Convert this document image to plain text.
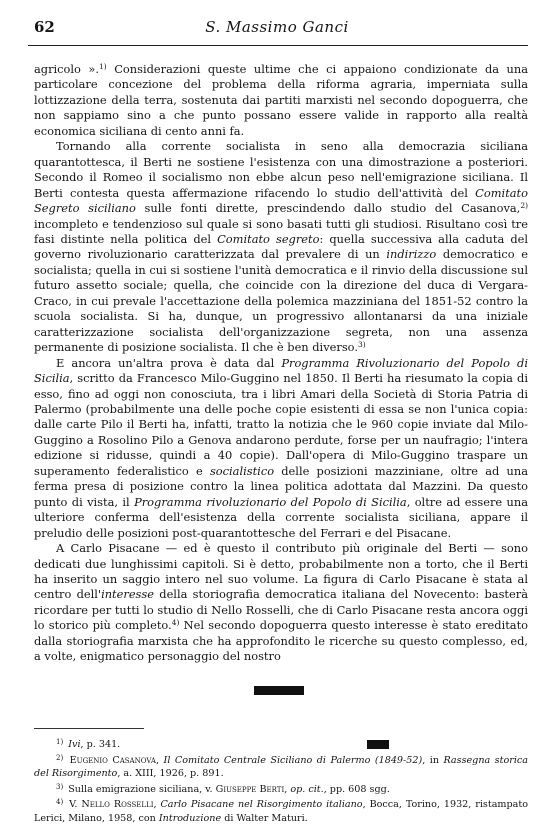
62	S. Massimo Ganci

agricolo ».$^{1)}$ Considerazioni queste ultime che ci appaiono condizionate da una particolare concezione del problema della riforma agraria, imperniata sulla lottizzazione della terra, sostenuta dai partiti marxisti nel secondo dopoguerra, che non sappiamo sino a che punto possano essere valide in rapporto alla realtà economica siciliana di cento anni fa.

Tornando alla corrente socialista in seno alla democrazia siciliana quarantottesca, il Berti ne sostiene l'esistenza con una dimostrazione a posteriori. Secondo il Romeo il socialismo non ebbe alcun peso nell'emigrazione siciliana. Il Berti contesta questa affermazione rifacendo lo studio dell'attività del Comitato Segreto siciliano sulle fonti dirette, prescindendo dallo studio del Casanova,$^{2)}$ incompleto e tendenzioso sul quale si sono basati tutti gli studiosi. Risultano così tre fasi distinte nella politica del Comitato segreto: quella successiva alla caduta del governo rivoluzionario caratterizzata dal prevalere di un indirizzo democratico e socialista; quella in cui si sostiene l'unità democratica e il rinvio della discussione sul futuro assetto sociale; quella, che coincide con la direzione del duca di Vergara-Craco, in cui prevale l'accettazione della polemica mazziniana del 1851-52 contro la scuola socialista. Si ha, dunque, un progressivo allontanarsi da una iniziale caratterizzazione socialista dell'organizzazione segreta, non una assenza permanente di posizione socialista. Il che è ben diverso.$^{3)}$

E ancora un'altra prova è data dal Programma Rivoluzionario del Popolo di Sicilia, scritto da Francesco Milo-Guggino nel 1850. Il Berti ha riesumato la copia di esso, fino ad oggi non conosciuta, tra i libri Amari della Società di Storia Patria di Palermo (probabilmente una delle poche copie esistenti di essa se non l'unica copia: dalle carte Pilo il Berti ha, infatti, tratto la notizia che le 960 copie inviate dal Milo-Guggino a Rosolino Pilo a Genova andarono perdute, forse per un naufragio; l'intera edizione si ridusse, quindi a 40 copie). Dall'opera di Milo-Guggino traspare un superamento federalistico e socialistico delle posizioni mazziniane, oltre ad una ferma presa di posizione contro la linea politica adottata dal Mazzini. Da questo punto di vista, il Programma rivoluzionario del Popolo di Sicilia, oltre ad essere una ulteriore conferma dell'esistenza della corrente socialista siciliana, appare il preludio delle posizioni post-quarantottesche del Ferrari e del Pisacane.

A Carlo Pisacane — ed è questo il contributo più originale del Berti — sono dedicati due lunghissimi capitoli. Si è detto, probabilmente non a torto, che il Berti ha inserito un saggio intero nel suo volume. La figura di Carlo Pisacane è stata al centro dell'interesse della storiografia democratica italiana del Novecento: basterà ricordare per tutti lo studio di Nello Rosselli, che di Carlo Pisacane resta ancora oggi lo storico più completo.$^{4)}$ Nel secondo dopoguerra questo interesse è stato ereditato dalla storiografia marxista che ha approfondito le ricerche su questo complesso, ed, a volte, enigmatico personaggio del nostro

$^{1)}$ Ivi, p. 341.

$^{2)}$ Eugenio Casanova, Il Comitato Centrale Siciliano di Palermo (1849-52), in Rassegna storica del Risorgimento, a. XIII, 1926, p. 891.

$^{3)}$ Sulla emigrazione siciliana, v. Giuseppe Berti, op. cit., pp. 608 sgg.

$^{4)}$ V. Nello Rosselli, Carlo Pisacane nel Risorgimento italiano, Bocca, Torino, 1932, ristampato Lerici, Milano, 1958, con Introduzione di Walter Maturi.
